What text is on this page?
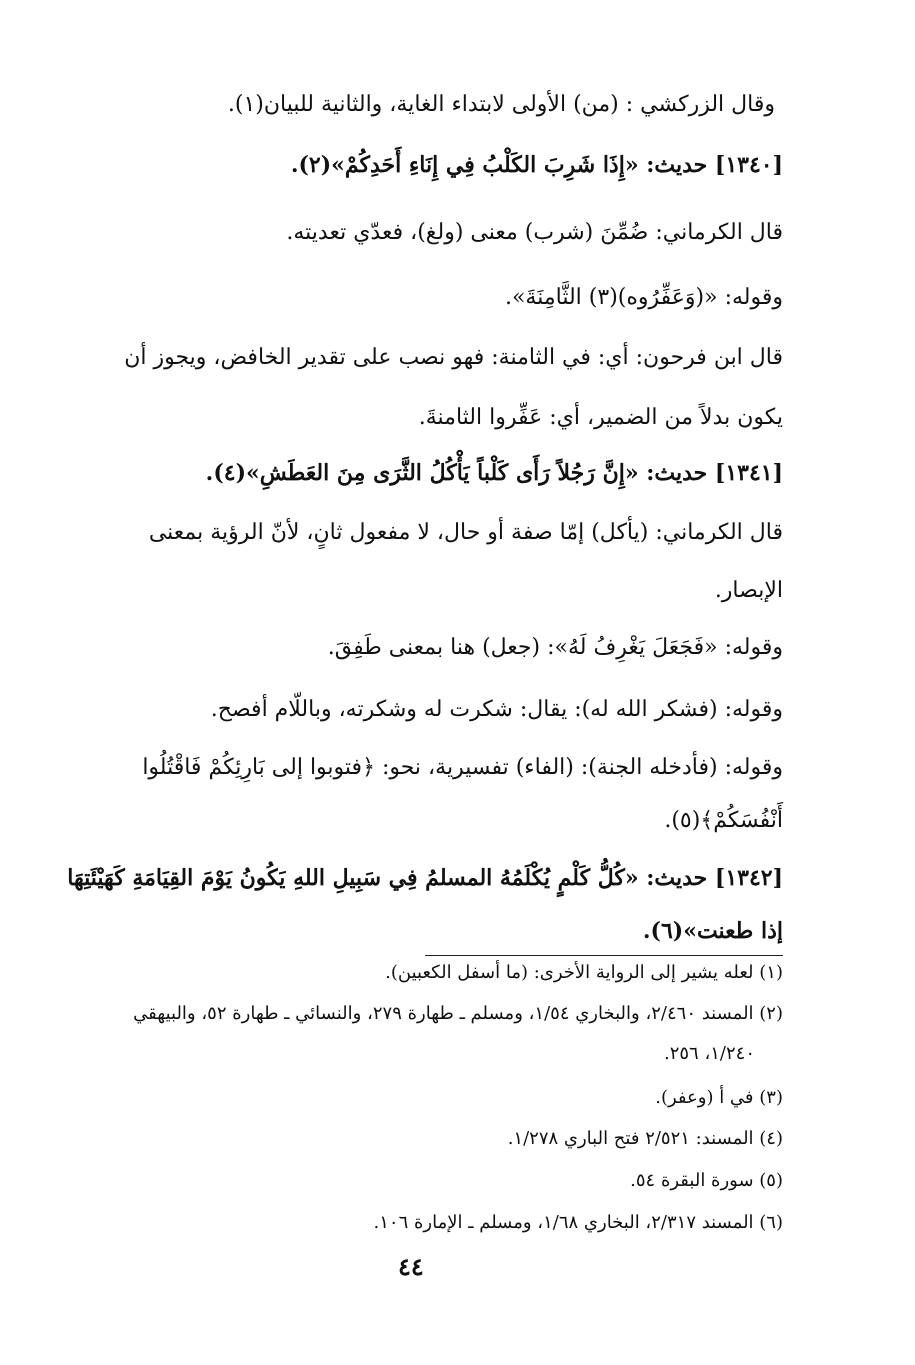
وقال الزركشي : (من) الأولى لابتداء الغاية، والثانية للبيان(١).
[١٣٤٠] حديث: «إِذَا شَرِبَ الكَلْبُ فِي إِنَاءِ أَحَدِكُمْ»(٢).
قال الكرماني: ضُمِّنَ (شرب) معنى (ولغ)، فعدّي تعديته.
وقوله: «(وَعَفِّرُوه)(٣) الثَّامِنَةَ».
قال ابن فرحون: أي: في الثامنة: فهو نصب على تقدير الخافض، ويجوز أن
يكون بدلاً من الضمير، أي: عَفِّروا الثامنةَ.
[١٣٤١] حديث: «إِنَّ رَجُلاً رَأَى كَلْباً يَأْكُلُ الثَّرَى مِنَ العَطَشِ»(٤).
قال الكرماني: (يأكل) إمّا صفة أو حال، لا مفعول ثانٍ، لأنّ الرؤية بمعنى
الإبصار.
وقوله: «فَجَعَلَ يَغْرِفُ لَهُ»: (جعل) هنا بمعنى طَفِقَ.
وقوله: (فشكر الله له): يقال: شكرت له وشكرته، وباللّام أفصح.
وقوله: (فأدخله الجنة): (الفاء) تفسيرية، نحو: ﴿فتوبوا إلى بَارِئِكُمْ فَاقْتُلُوا
أَنْفُسَكُمْ﴾(٥).
[١٣٤٢] حديث: «كُلُّ كَلْمٍ يُكْلَمُهُ المسلمُ فِي سَبِيلِ اللهِ يَكُونُ يَوْمَ القِيَامَةِ كَهَيْئَتِهَا
إذا طعنت»(٦).
(١) لعله يشير إلى الرواية الأخرى: (ما أسفل الكعبين).
(٢) المسند ٢/٤٦٠، والبخاري ١/٥٤، ومسلم ـ طهارة ٢٧٩، والنسائي ـ طهارة ٥٢، والبيهقي
١/٢٤٠، ٢٥٦.
(٣) في أ (وعفر).
(٤) المسند: ٢/٥٢١ فتح الباري ١/٢٧٨.
(٥) سورة البقرة ٥٤.
(٦) المسند ٢/٣١٧، البخاري ١/٦٨، ومسلم ـ الإمارة ١٠٦.
٤٤
